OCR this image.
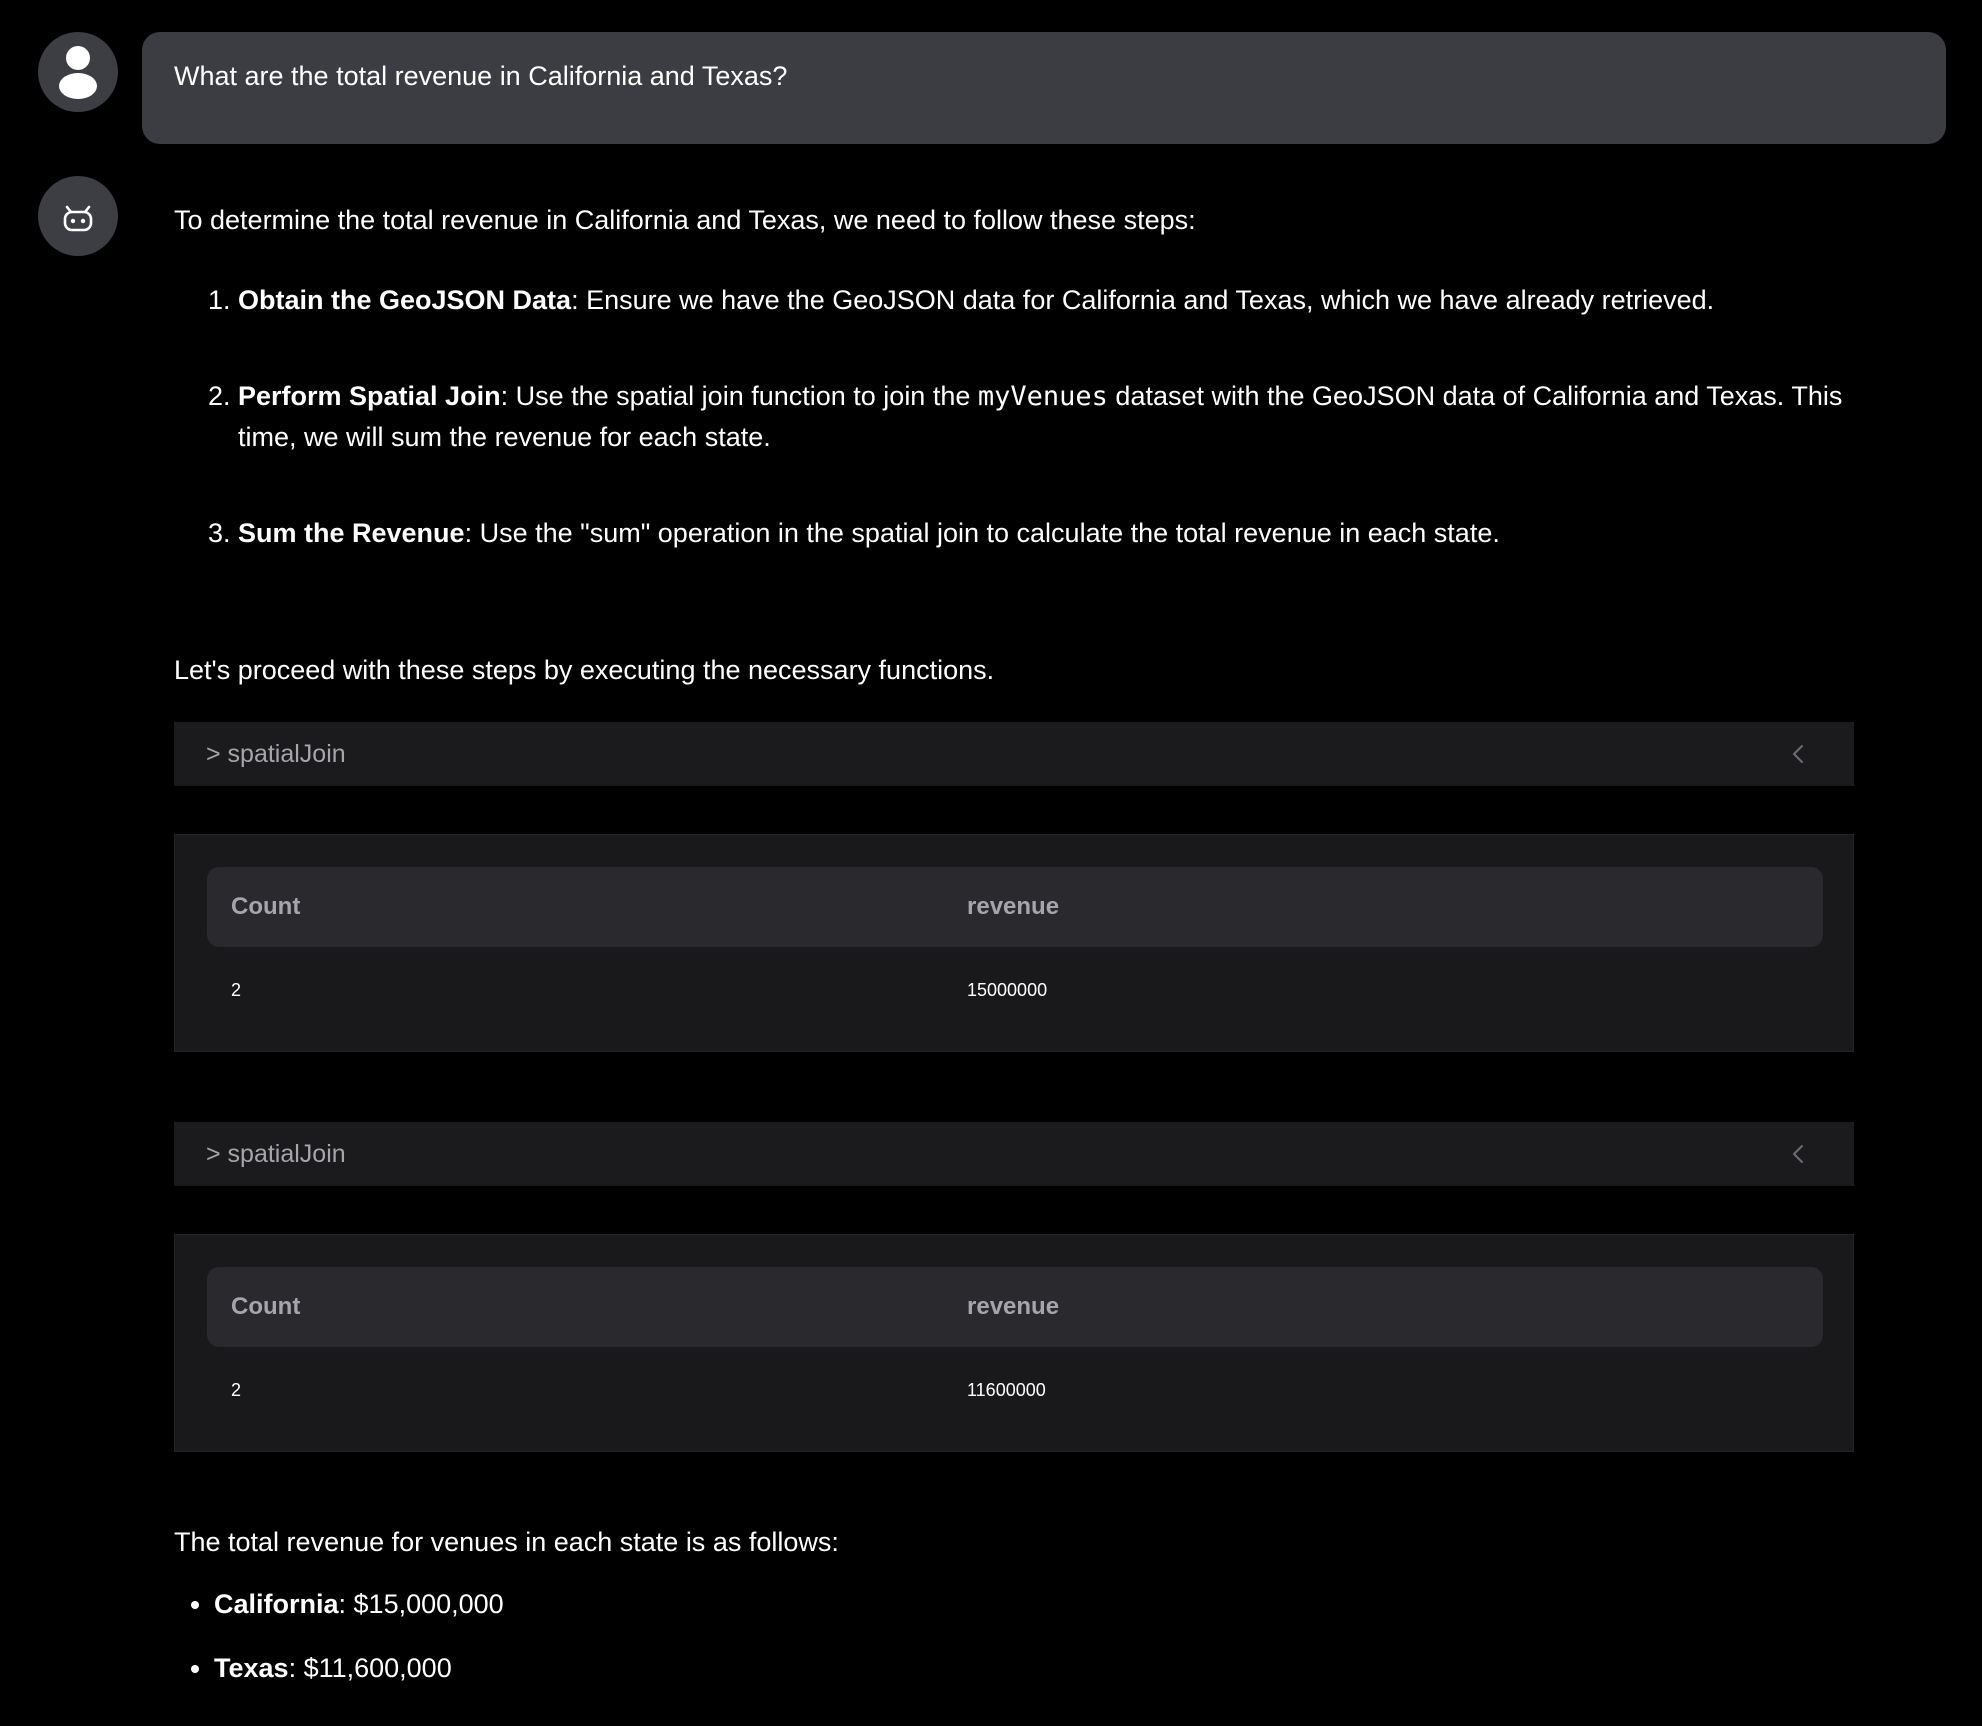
What are the total revenue in California and Texas?

To determine the total revenue in California and Texas, we need to follow these steps:

1. Obtain the GeoJSON Data: Ensure we have the GeoJSON data for California and Texas, which we have already retrieved.
2. Perform Spatial Join: Use the spatial join function to join the myVenues dataset with the GeoJSON data of California and Texas. This time, we will sum the revenue for each state.
3. Sum the Revenue: Use the "sum" operation in the spatial join to calculate the total revenue in each state.

Let's proceed with these steps by executing the necessary functions.

> spatialJoin
Count	revenue
2	15000000
> spatialJoin
Count	revenue
2	11600000

The total revenue for venues in each state is as follows:

• California: $15,000,000
• Texas: $11,600,000
